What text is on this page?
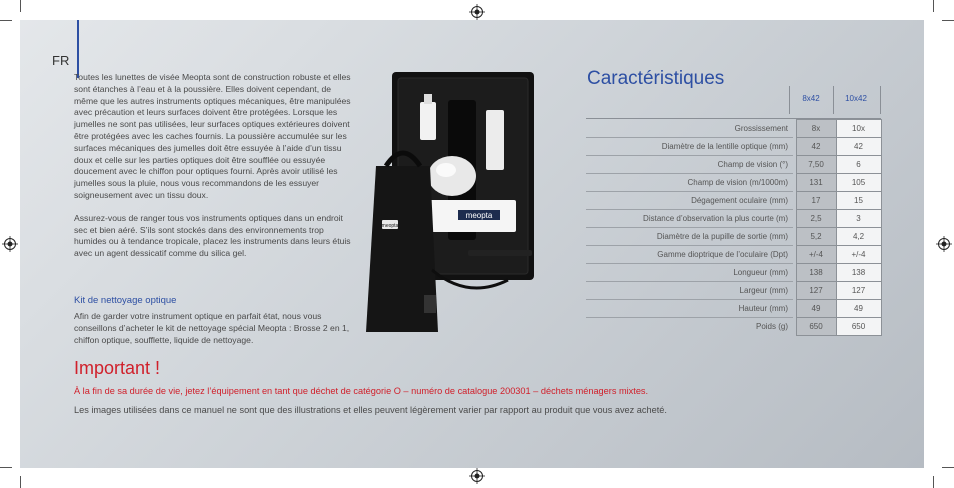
FR

Toutes les lunettes de visée Meopta sont de construction robuste et elles sont étanches à l’eau et à la poussière. Elles doivent cependant, de même que les autres instruments optiques mécaniques, être manipulées avec précaution et leurs surfaces doivent être protégées. Lorsque les jumelles ne sont pas utilisées, leur surfaces optiques extérieures doivent être protégées avec les caches fournis. La poussière accumulée sur les surfaces mécaniques des jumelles doit être essuyée à l’aide d’un tissu doux et celle sur les parties optiques doit être soufflée ou essuyée doucement avec le chiffon pour optiques fourni. Après avoir utilisé les jumelles sous la pluie, nous vous recommandons de les essuyer soigneusement avec un tissu doux.

Assurez-vous de ranger tous vos instruments optiques dans un endroit sec et bien aéré. S’ils sont stockés dans des environnements trop humides ou à tendance tropicale, placez les instruments dans leurs étuis avec un agent dessicatif comme du silica gel.

Kit de nettoyage optique
Afin de garder votre instrument optique en parfait état, nous vous conseillons d’acheter le kit de nettoyage spécial Meopta : Brosse 2 en 1, chiffon optique, soufflette, liquide de nettoyage.
meopta
meopta
Caractéristiques
8x42	10x42
Grossissement		8x	10x
Diamètre de la lentille optique (mm)		42	42
Champ de vision (°)		7,50	6
Champ de vision (m/1000m)		131	105
Dégagement oculaire (mm)		17	15
Distance d’observation la plus courte (m)		2,5	3
Diamètre de la pupille de sortie (mm)		5,2	4,2
Gamme dioptrique de l’oculaire (Dpt)		+/-4	+/-4
Longueur (mm)		138	138
Largeur (mm)		127	127
Hauteur (mm)		49	49
Poids (g)		650	650
Important !
À la fin de sa durée de vie, jetez l’équipement en tant que déchet de catégorie O – numéro de catalogue 200301 – déchets ménagers mixtes.
Les images utilisées dans ce manuel ne sont que des illustrations et elles peuvent légèrement varier par rapport au produit que vous avez acheté.
